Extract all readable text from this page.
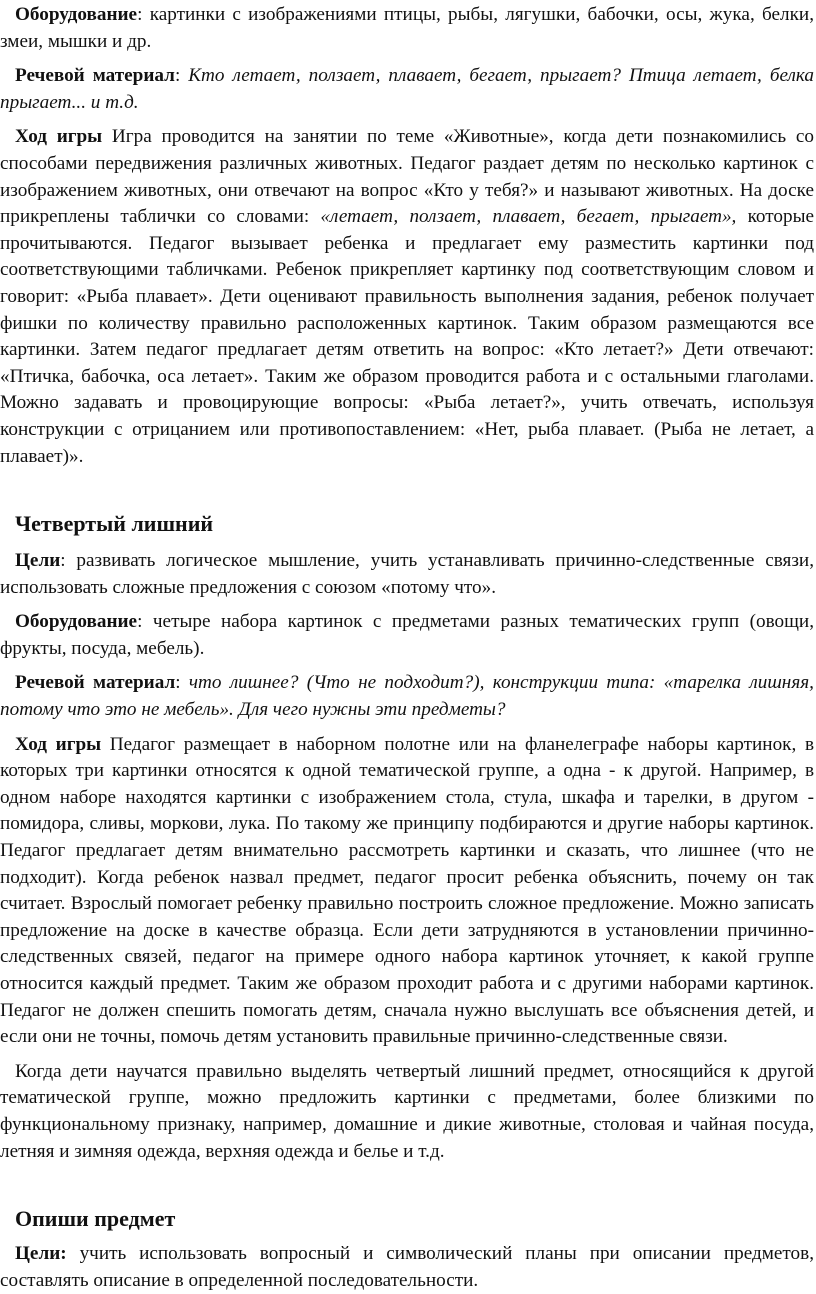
Оборудование: картинки с изображениями птицы, рыбы, лягушки, бабочки, осы, жука, белки, змеи, мышки и др.

Речевой материал: Кто летает, ползает, плавает, бегает, прыгает? Птица летает, белка прыгает... и т.д.

Ход игры Игра проводится на занятии по теме «Животные», когда дети познакомились со способами передвижения различных животных. Педагог раздает детям по несколько картинок с изображением животных, они отвечают на вопрос «Кто у тебя?» и называют животных. На доске прикреплены таблички со словами: «летает, ползает, плавает, бегает, прыгает», которые прочитываются. Педагог вызывает ребенка и предлагает ему разместить картинки под соответствующими табличками. Ребенок прикрепляет картинку под соответствующим словом и говорит: «Рыба плавает». Дети оценивают правильность выполнения задания, ребенок получает фишки по количеству правильно расположенных картинок. Таким образом размещаются все картинки. Затем педагог предлагает детям ответить на вопрос: «Кто летает?» Дети отвечают: «Птичка, бабочка, оса летает». Таким же образом проводится работа и с остальными глаголами. Можно задавать и провоцирующие вопросы: «Рыба летает?», учить отвечать, используя конструкции с отрицанием или противопоставлением: «Нет, рыба плавает. (Рыба не летает, а плавает)».

Четвертый лишний

Цели: развивать логическое мышление, учить устанавливать причинно-следственные связи, использовать сложные предложения с союзом «потому что».

Оборудование: четыре набора картинок с предметами разных тематических групп (овощи, фрукты, посуда, мебель).

Речевой материал: что лишнее? (Что не подходит?), конструкции типа: «тарелка лишняя, потому что это не мебель». Для чего нужны эти предметы?

Ход игры Педагог размещает в наборном полотне или на фланелеграфе наборы картинок, в которых три картинки относятся к одной тематической группе, а одна - к другой. Например, в одном наборе находятся картинки с изображением стола, стула, шкафа и тарелки, в другом - помидора, сливы, моркови, лука. По такому же принципу подбираются и другие наборы картинок. Педагог предлагает детям внимательно рассмотреть картинки и сказать, что лишнее (что не подходит). Когда ребенок назвал предмет, педагог просит ребенка объяснить, почему он так считает. Взрослый помогает ребенку правильно построить сложное предложение. Можно записать предложение на доске в качестве образца. Если дети затрудняются в установлении причинно-следственных связей, педагог на примере одного набора картинок уточняет, к какой группе относится каждый предмет. Таким же образом проходит работа и с другими наборами картинок. Педагог не должен спешить помогать детям, сначала нужно выслушать все объяснения детей, и если они не точны, помочь детям установить правильные причинно-следственные связи.

Когда дети научатся правильно выделять четвертый лишний предмет, относящийся к другой тематической группе, можно предложить картинки с предметами, более близкими по функциональному признаку, например, домашние и дикие животные, столовая и чайная посуда, летняя и зимняя одежда, верхняя одежда и белье и т.д.

Опиши предмет

Цели: учить использовать вопросный и символический планы при описании предметов, составлять описание в определенной последовательности.
